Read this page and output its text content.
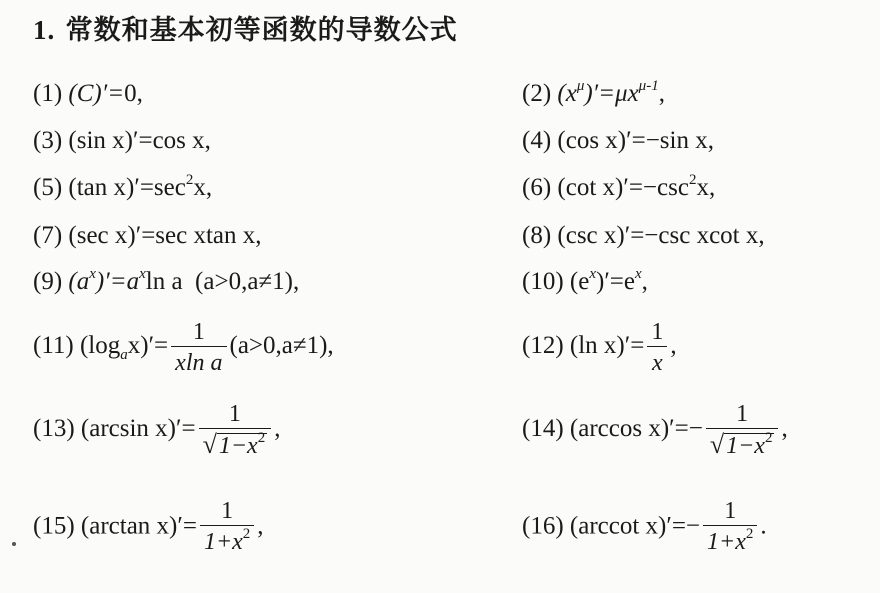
1. 常数和基本初等函数的导数公式
(1) (C)′=0,	(2) $(x^\mu)'=\mu x^{\mu-1}$,
(3) (sin x)′=cos x,	(4) (cos x)′=−sin x,
(5) (tan $x)'=\sec^2x$,	(6) (cot $x)'=-\csc^2x$,
(7) (sec x)′=sec xtan x,	(8) (csc x)′=−csc xcot x,
(9) $(a^x)'=a^x\ln$ a (a>0,a≠1),	(10) $(e^x)'=e^x$,
(11) $(\log_ax)'= \frac{1}{\text{xln a}} (a>0,a\ne 1)$,	(12) (ln $x)'= \frac{1}{x}$ ,
(13) (arcsin $x)'= \frac{1}{√1-x^2}$ ,	(14) (arccos $x)'=- \frac{1}{√1-x^2}$ ,
(15) (arctan $x)'= \frac{1}{1+x^2}$ ,	(16) (arccot $x)'=- \frac{1}{1+x^2}$ .
